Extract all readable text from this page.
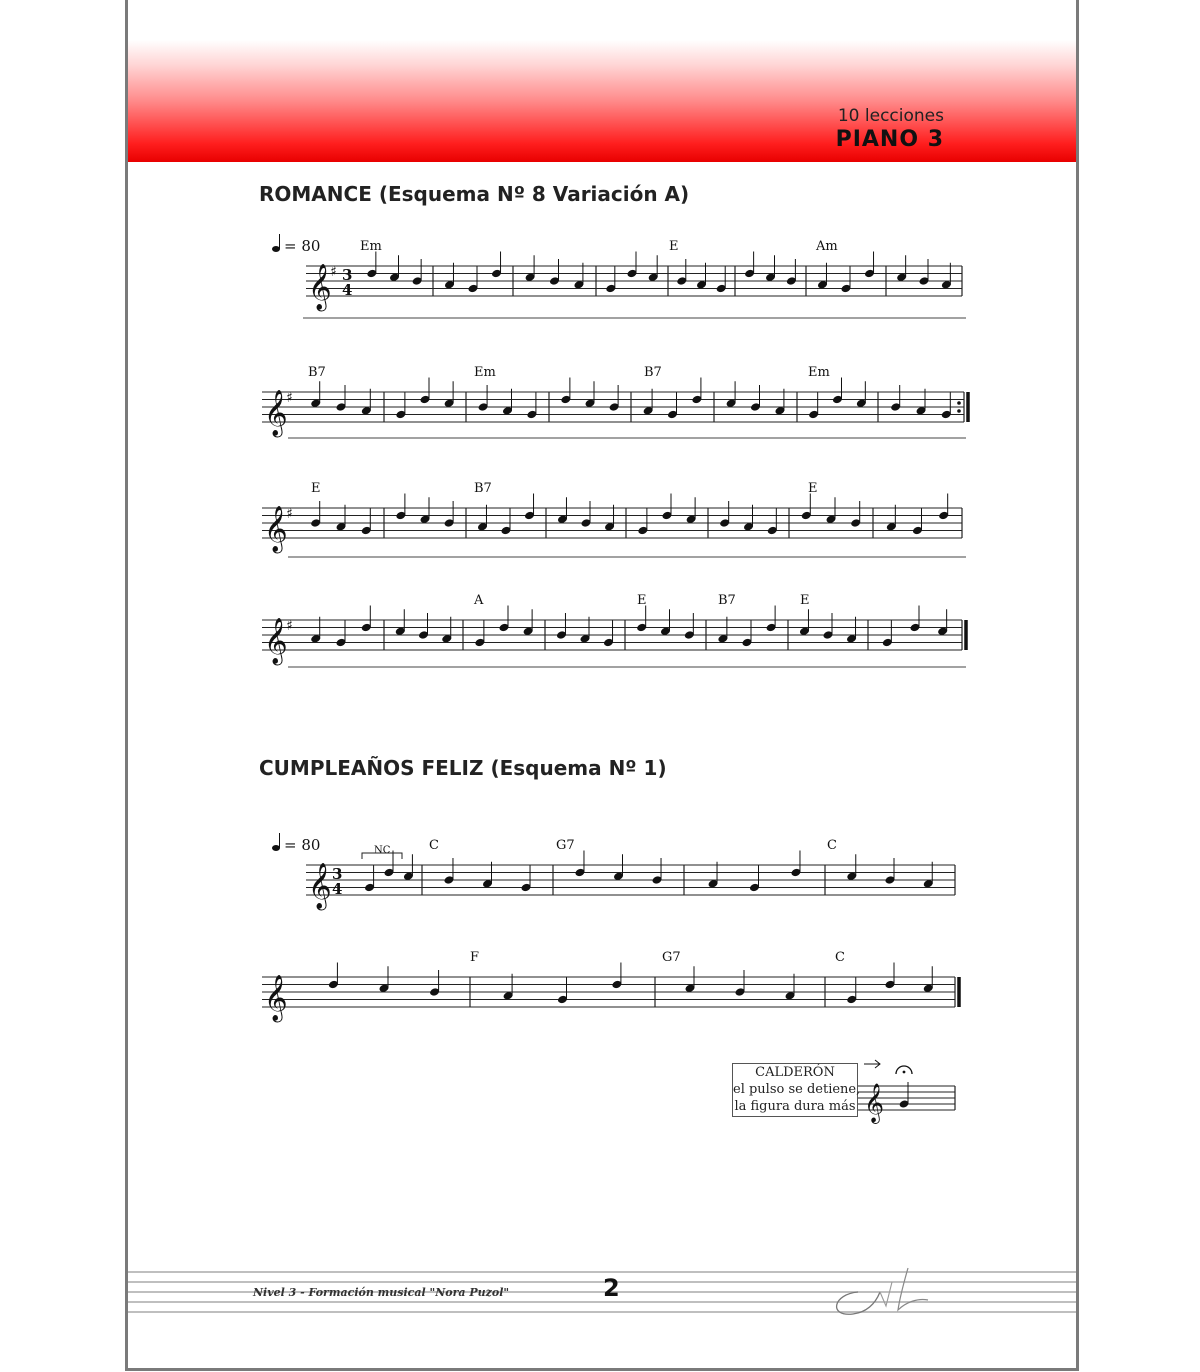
10 lecciones
PIANO 3
ROMANCE (Esquema Nº 8 Variación A)
CUMPLEAÑOS FELIZ (Esquema Nº 1)
𝄞
♯ 3
4
Em	E	Am
= 80
𝄞
♯
B7	Em	B7	Em
𝄞
♯
E	B7	E
𝄞
♯
A	E	B7	E
𝄞 3
4
C	G7	C
NC
= 80
𝄞
F	G7	C
𝄞
CALDERÓN
el pulso se detiene,
la figura dura más
Nivel 3 - Formación musical "Nora Puzol"	2
